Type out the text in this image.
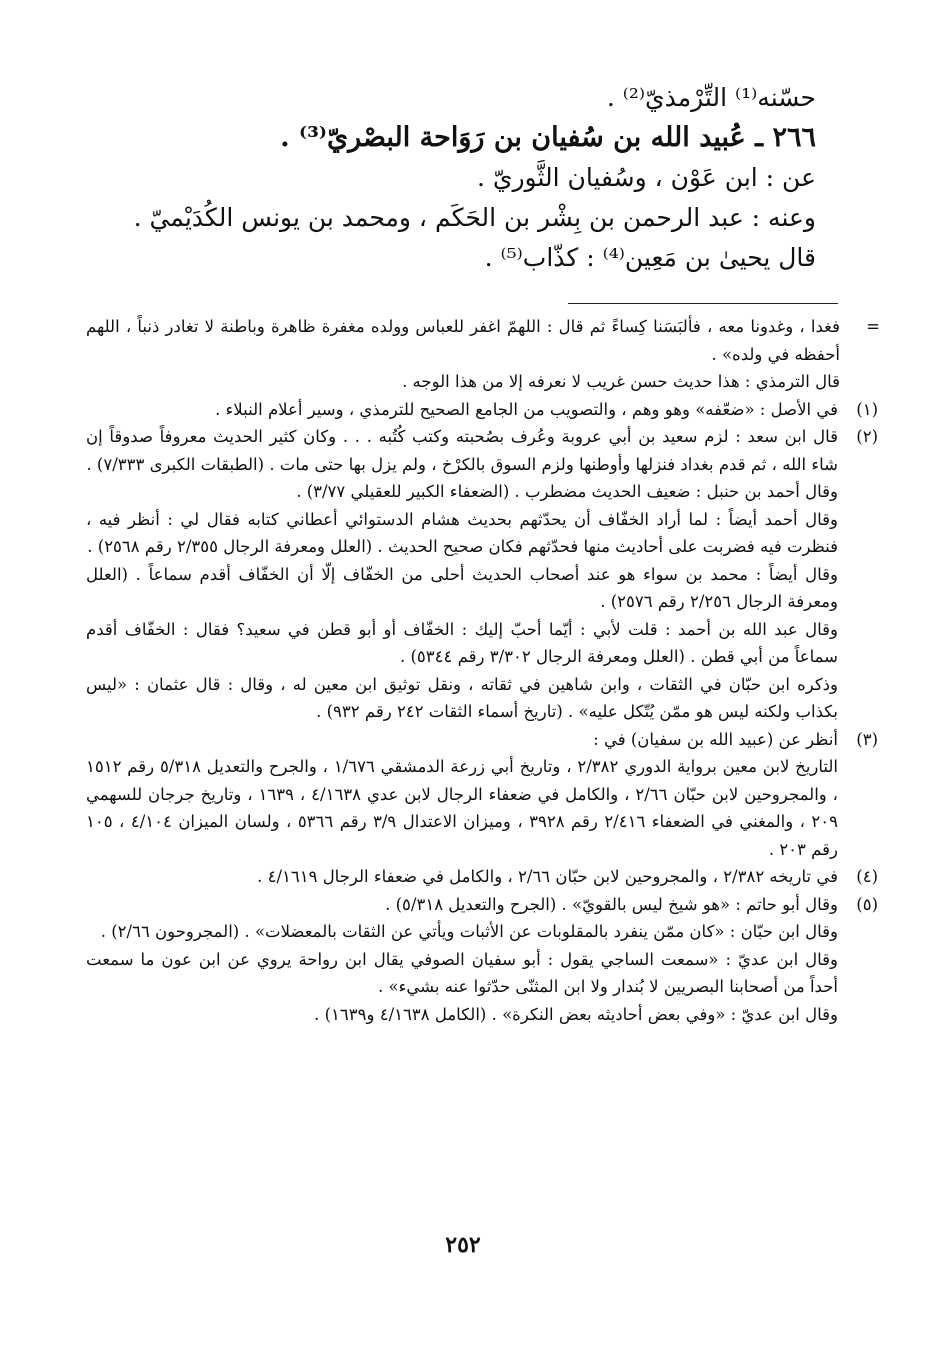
حسّنه⁽¹⁾ التِّرْمذيّ⁽²⁾ .
٢٦٦ ـ عُبيد الله بن سُفيان بن رَوَاحة البصْريّ⁽³⁾ .
عن : ابن عَوْن ، وسُفيان الثَّوريّ .
وعنه : عبد الرحمن بن بِشْر بن الحَكَم ، ومحمد بن يونس الكُدَيْميّ .
قال يحيىٰ بن مَعِين⁽⁴⁾ : كذّاب⁽⁵⁾ .
=

فغدا ، وغدونا معه ، فألبَسَنا كِساءً ثم قال : اللهمّ اغفر للعباس وولده مغفرة ظاهرة وباطنة لا تغادر ذنباً ، اللهم أحفظه في ولده» .

قال الترمذي : هذا حديث حسن غريب لا نعرفه إلا من هذا الوجه .

(١)

في الأصل : «ضعّفه» وهو وهم ، والتصويب من الجامع الصحيح للترمذي ، وسير أعلام النبلاء .

(٢)

قال ابن سعد : لزم سعيد بن أبي عروبة وعُرف بصُحبته وكتب كُتُبه . . . وكان كثير الحديث معروفاً صدوقاً إن شاء الله ، ثم قدم بغداد فنزلها وأوطنها ولزم السوق بالكرْخ ، ولم يزل بها حتى مات . (الطبقات الكبرى ٧/٣٣٣) .

وقال أحمد بن حنبل : ضعيف الحديث مضطرب . (الضعفاء الكبير للعقيلي ٣/٧٧) .

وقال أحمد أيضاً : لما أراد الخفّاف أن يحدّثهم بحديث هشام الدستوائي أعطاني كتابه فقال لي : أنظر فيه ، فنظرت فيه فضربت على أحاديث منها فحدّثهم فكان صحيح الحديث . (العلل ومعرفة الرجال ٢/٣٥٥ رقم ٢٥٦٨) .

وقال أيضاً : محمد بن سواء هو عند أصحاب الحديث أحلى من الخفّاف إلّا أن الخفّاف أقدم سماعاً . (العلل ومعرفة الرجال ٢/٢٥٦ رقم ٢٥٧٦) .

وقال عبد الله بن أحمد : قلت لأبي : أيّما أحبّ إليك : الخفّاف أو أبو قطن في سعيد؟ فقال : الخفّاف أقدم سماعاً من أبي قطن . (العلل ومعرفة الرجال ٣/٣٠٢ رقم ٥٣٤٤) .

وذكره ابن حبّان في الثقات ، وابن شاهين في ثقاته ، ونقل توثيق ابن معين له ، وقال : قال عثمان : «ليس بكذاب ولكنه ليس هو ممّن يُتّكل عليه» . (تاريخ أسماء الثقات ٢٤٢ رقم ٩٣٢) .

(٣)

أنظر عن (عبيد الله بن سفيان) في :

التاريخ لابن معين برواية الدوري ٢/٣٨٢ ، وتاريخ أبي زرعة الدمشقي ١/٦٧٦ ، والجرح والتعديل ٥/٣١٨ رقم ١٥١٢ ، والمجروحين لابن حبّان ٢/٦٦ ، والكامل في ضعفاء الرجال لابن عدي ٤/١٦٣٨ ، ١٦٣٩ ، وتاريخ جرجان للسهمي ٢٠٩ ، والمغني في الضعفاء ٢/٤١٦ رقم ٣٩٢٨ ، وميزان الاعتدال ٣/٩ رقم ٥٣٦٦ ، ولسان الميزان ٤/١٠٤ ، ١٠٥ رقم ٢٠٣ .

(٤)

في تاريخه ٢/٣٨٢ ، والمجروحين لابن حبّان ٢/٦٦ ، والكامل في ضعفاء الرجال ٤/١٦١٩ .

(٥)

وقال أبو حاتم : «هو شيخ ليس بالقويّ» . (الجرح والتعديل ٥/٣١٨) .

وقال ابن حبّان : «كان ممّن ينفرد بالمقلوبات عن الأثبات ويأتي عن الثقات بالمعضلات» . (المجروحون ٢/٦٦) .

وقال ابن عديّ : «سمعت الساجي يقول : أبو سفيان الصوفي يقال ابن رواحة يروي عن ابن عون ما سمعت أحداً من أصحابنا البصريين لا بُندار ولا ابن المثنّى حدّثوا عنه بشيء» .

وقال ابن عديّ : «وفي بعض أحاديثه بعض النكرة» . (الكامل ٤/١٦٣٨ و١٦٣٩) .

٢٥٢
